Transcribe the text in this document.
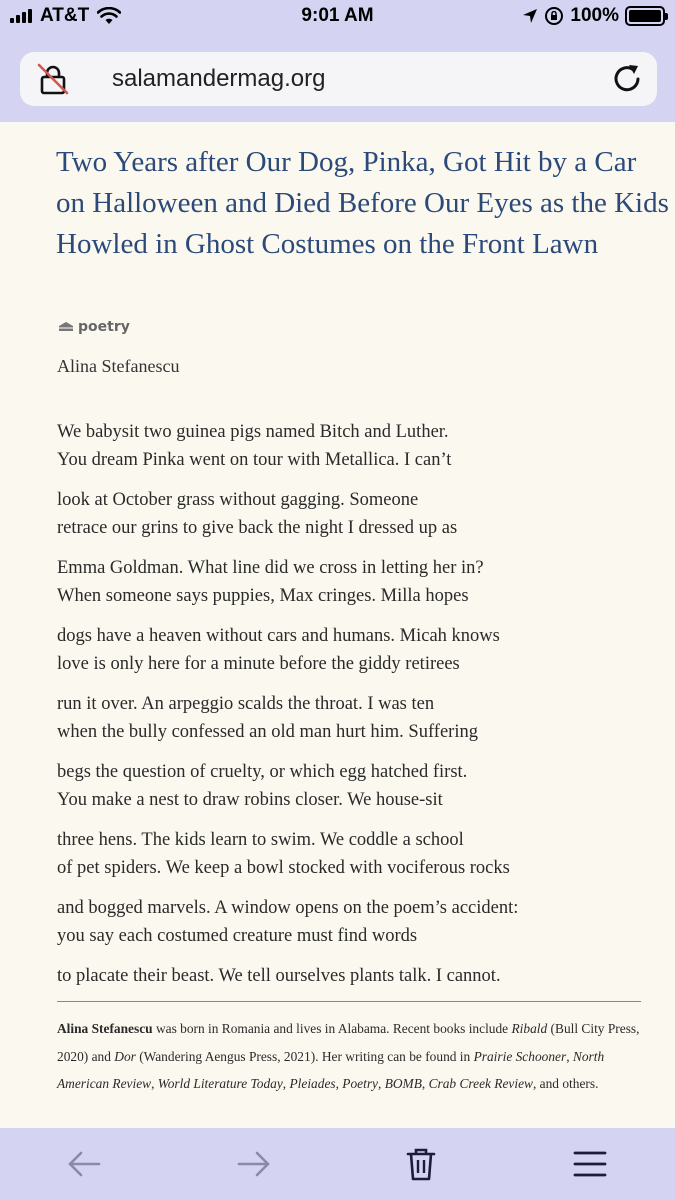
AT&T	9:01 AM	100%
salamandermag.org
Two Years after Our Dog, Pinka, Got Hit by a Car on Halloween and Died Before Our Eyes as the Kids Howled in Ghost Costumes on the Front Lawn
poetry
Alina Stefanescu
We babysit two guinea pigs named Bitch and Luther.
You dream Pinka went on tour with Metallica. I can’t
look at October grass without gagging. Someone
retrace our grins to give back the night I dressed up as
Emma Goldman. What line did we cross in letting her in?
When someone says puppies, Max cringes. Milla hopes
dogs have a heaven without cars and humans. Micah knows
love is only here for a minute before the giddy retirees
run it over. An arpeggio scalds the throat. I was ten
when the bully confessed an old man hurt him. Suffering
begs the question of cruelty, or which egg hatched first.
You make a nest to draw robins closer. We house-sit
three hens. The kids learn to swim. We coddle a school
of pet spiders. We keep a bowl stocked with vociferous rocks
and bogged marvels. A window opens on the poem’s accident:
you say each costumed creature must find words
to placate their beast. We tell ourselves plants talk. I cannot.
Alina Stefanescu was born in Romania and lives in Alabama. Recent books include Ribald (Bull City Press, 2020) and Dor (Wandering Aengus Press, 2021). Her writing can be found in Prairie Schooner, North American Review, World Literature Today, Pleiades, Poetry, BOMB, Crab Creek Review, and others.
